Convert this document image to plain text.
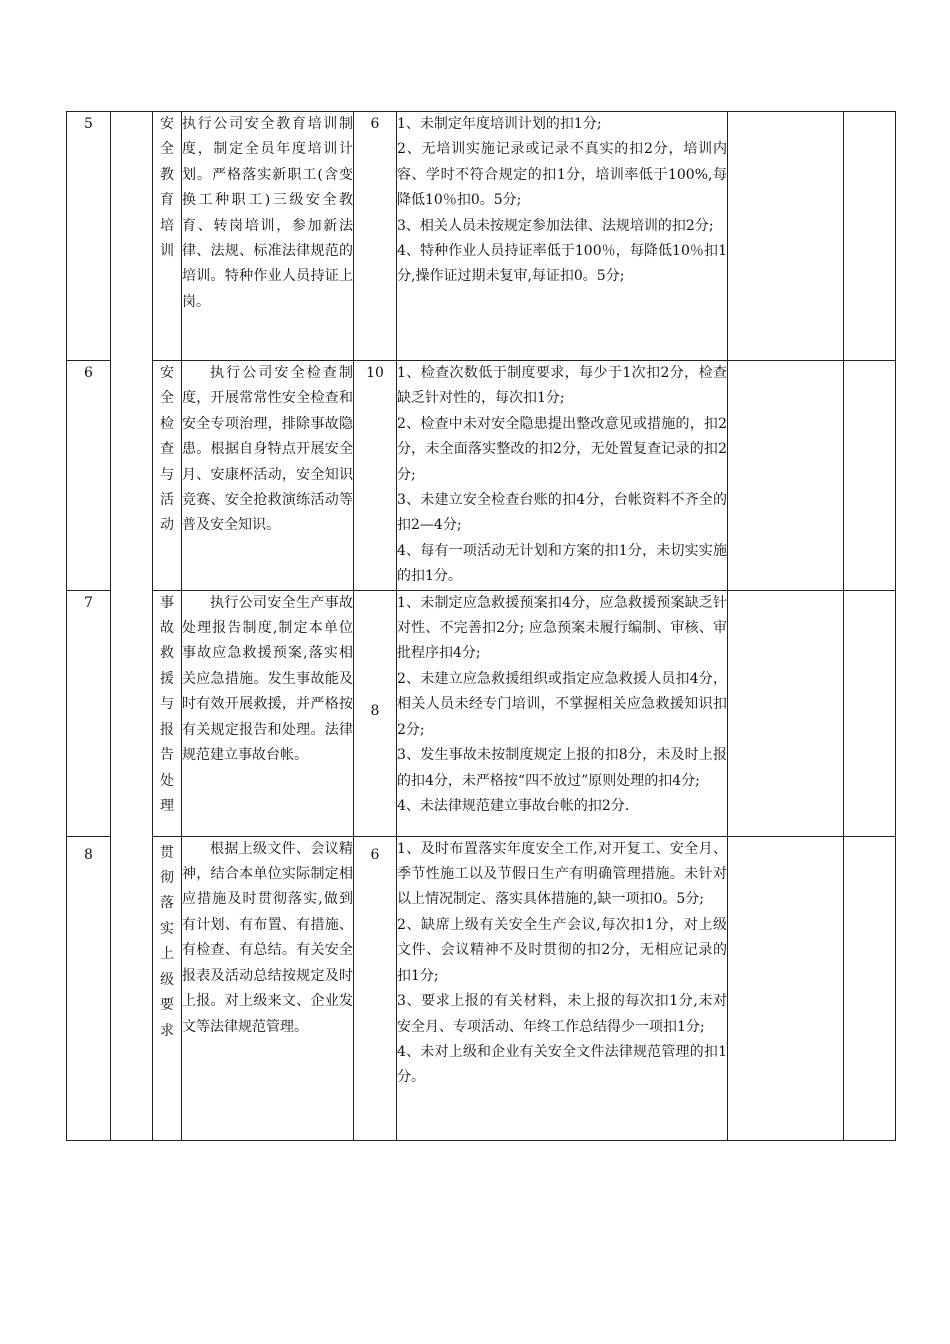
5		安全教育培训	执行公司安全教育培训制度，制定全员年度培训计划。严格落实新职工(含变换工种职工)三级安全教育、转岗培训，参加新法律、法规、标准法律规范的培训。特种作业人员持证上岗。	6	1、未制定年度培训计划的扣1分;
2、无培训实施记录或记录不真实的扣2分，培训内容、学时不符合规定的扣1分，培训率低于100%,每降低10％扣0。5分;
3、相关人员未按规定参加法律、法规培训的扣2分;
4、特种作业人员持证率低于100％，每降低10％扣1分,操作证过期未复审,每证扣0。5分;		

6		安全检查与活动	执行公司安全检查制度，开展常常性安全检查和安全专项治理，排除事故隐患。根据自身特点开展安全月、安康杯活动，安全知识竞赛、安全抢救演练活动等普及安全知识。	10	1、检查次数低于制度要求，每少于1次扣2分，检查缺乏针对性的，每次扣1分;
2、检查中未对安全隐患提出整改意见或措施的，扣2分，未全面落实整改的扣2分，无处置复查记录的扣2分;
3、未建立安全检查台账的扣4分，台帐资料不齐全的扣2—4分;
4、每有一项活动无计划和方案的扣1分，未切实实施的扣1分。		

7		事故救援与报告处理	执行公司安全生产事故处理报告制度,制定本单位事故应急救援预案,落实相关应急措施。发生事故能及时有效开展救援，并严格按有关规定报告和处理。法律规范建立事故台帐。	8	1、未制定应急救援预案扣4分，应急救援预案缺乏针对性、不完善扣2分; 应急预案未履行编制、审核、审批程序扣4分;
2、未建立应急救援组织或指定应急救援人员扣4分，相关人员未经专门培训，不掌握相关应急救援知识扣2分;
3、发生事故未按制度规定上报的扣8分，未及时上报的扣4分，未严格按“四不放过”原则处理的扣4分;
4、未法律规范建立事故台帐的扣2分.		

8		贯彻落实上级要求	根据上级文件、会议精神，结合本单位实际制定相应措施及时贯彻落实,做到有计划、有布置、有措施、有检查、有总结。有关安全报表及活动总结按规定及时上报。对上级来文、企业发文等法律规范管理。	6	1、及时布置落实年度安全工作,对开复工、安全月、季节性施工以及节假日生产有明确管理措施。未针对以上情况制定、落实具体措施的,缺一项扣0。5分;
2、缺席上级有关安全生产会议,每次扣1分，对上级文件、会议精神不及时贯彻的扣2分，无相应记录的扣1分;
3、要求上报的有关材料，未上报的每次扣1分,未对安全月、专项活动、年终工作总结得少一项扣1分;
4、未对上级和企业有关安全文件法律规范管理的扣1分。		
